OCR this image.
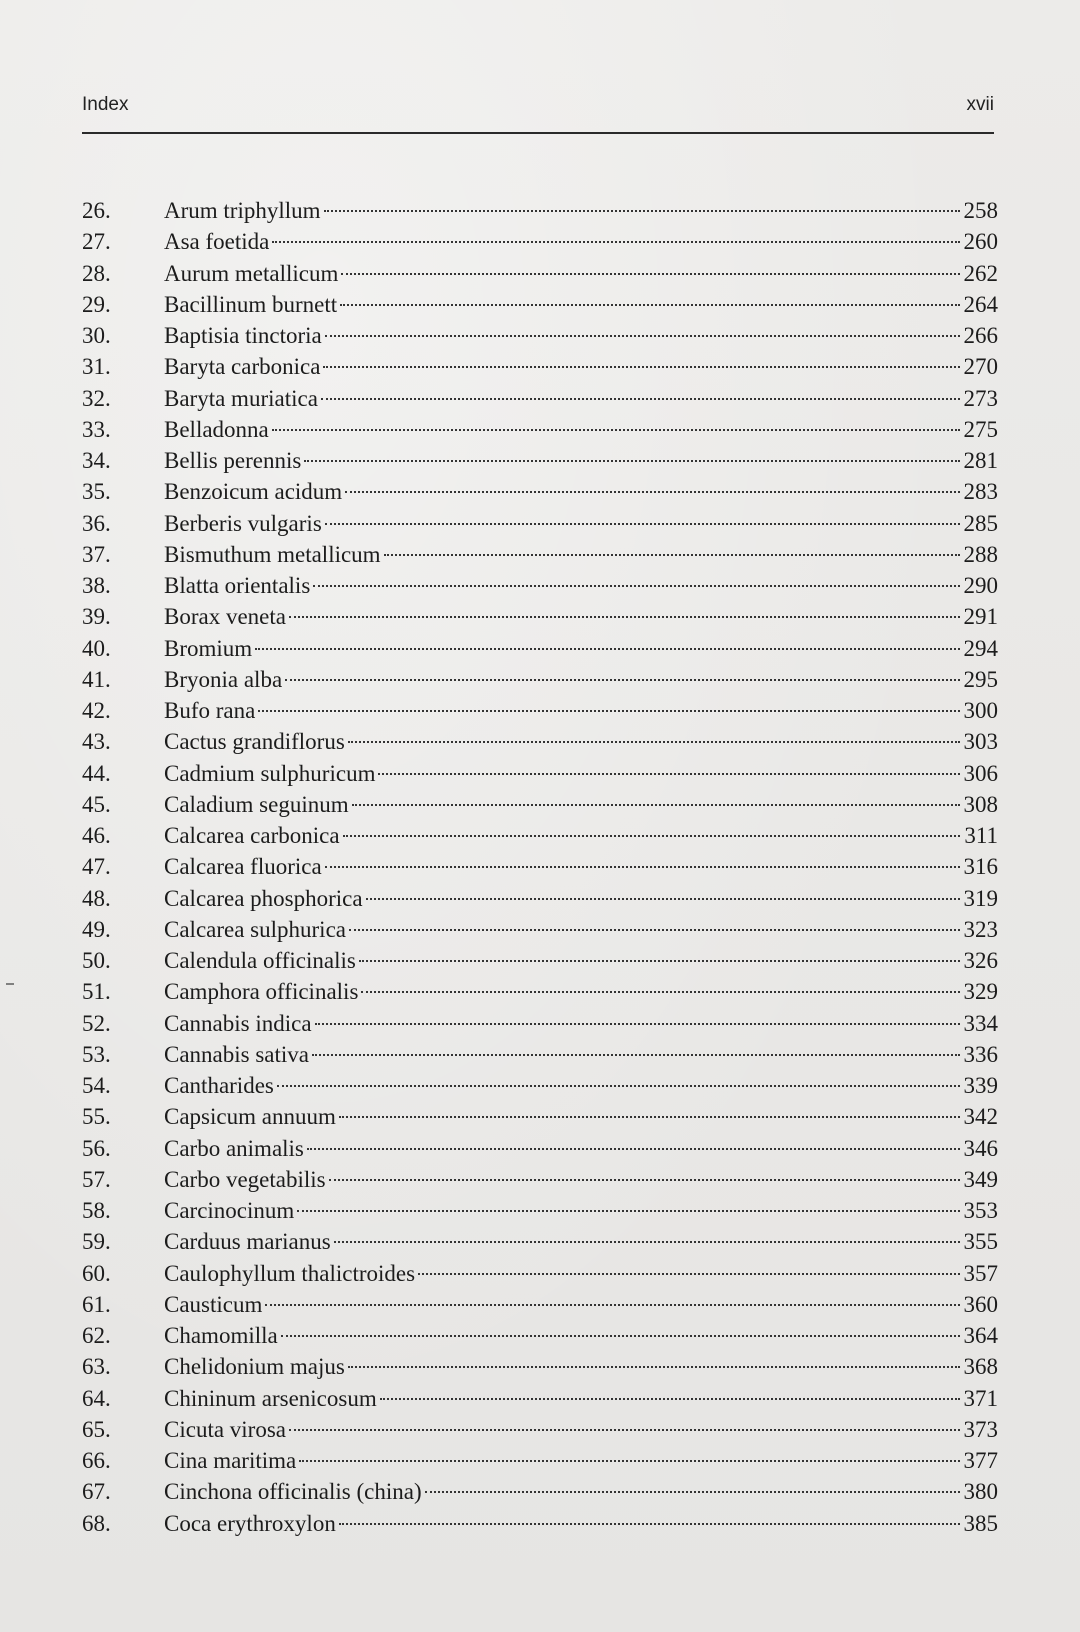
Index	xvii
26.	Arum triphyllum	258
27.	Asa foetida	260
28.	Aurum metallicum	262
29.	Bacillinum burnett	264
30.	Baptisia tinctoria	266
31.	Baryta carbonica	270
32.	Baryta muriatica	273
33.	Belladonna	275
34.	Bellis perennis	281
35.	Benzoicum acidum	283
36.	Berberis vulgaris	285
37.	Bismuthum metallicum	288
38.	Blatta orientalis	290
39.	Borax veneta	291
40.	Bromium	294
41.	Bryonia alba	295
42.	Bufo rana	300
43.	Cactus grandiflorus	303
44.	Cadmium sulphuricum	306
45.	Caladium seguinum	308
46.	Calcarea carbonica	311
47.	Calcarea fluorica	316
48.	Calcarea phosphorica	319
49.	Calcarea sulphurica	323
50.	Calendula officinalis	326
51.	Camphora officinalis	329
52.	Cannabis indica	334
53.	Cannabis sativa	336
54.	Cantharides	339
55.	Capsicum annuum	342
56.	Carbo animalis	346
57.	Carbo vegetabilis	349
58.	Carcinocinum	353
59.	Carduus marianus	355
60.	Caulophyllum thalictroides	357
61.	Causticum	360
62.	Chamomilla	364
63.	Chelidonium majus	368
64.	Chininum arsenicosum	371
65.	Cicuta virosa	373
66.	Cina maritima	377
67.	Cinchona officinalis (china)	380
68.	Coca erythroxylon	385
